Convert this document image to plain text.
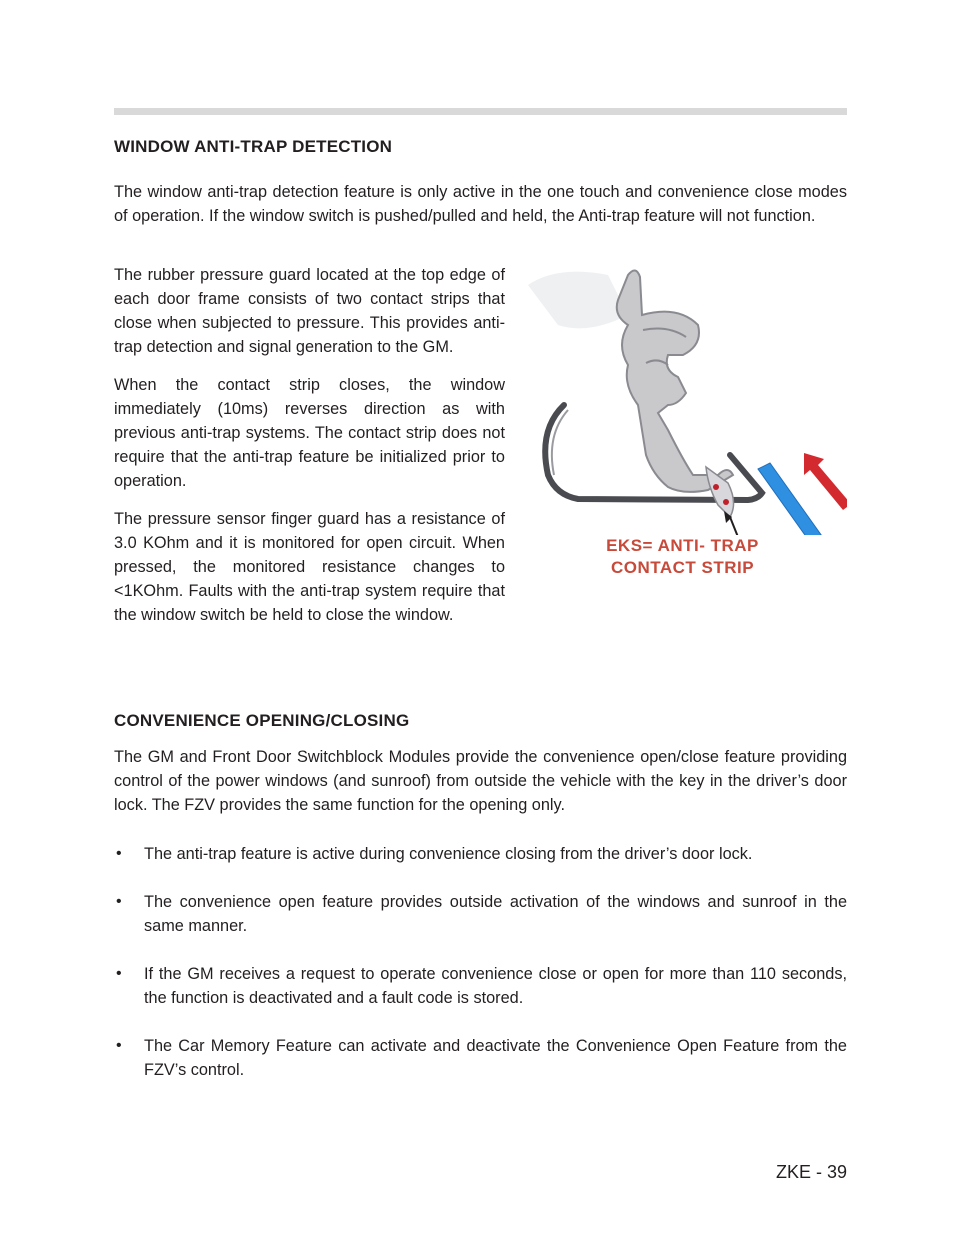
WINDOW ANTI-TRAP DETECTION

The window anti-trap detection feature is only active in the one touch and convenience close modes of operation. If the window switch is pushed/pulled and held, the Anti-trap feature will not function.

The rubber pressure guard located at the top edge of each door frame consists of two contact strips that close when subjected to pressure. This provides anti-trap detection and signal generation to the GM.

When the contact strip closes, the window immediately (10ms) reverses direction as with previous anti-trap systems. The contact strip does not require that the anti-trap feature be initialized prior to operation.

The pressure sensor finger guard has a resistance of 3.0 KOhm and it is monitored for open circuit. When pressed, the monitored resistance changes to <1KOhm. Faults with the anti-trap system require that the window switch be held to close the window.

EKS= ANTI- TRAP
CONTACT STRIP
CONVENIENCE OPENING/CLOSING

The GM and Front Door Switchblock Modules provide the convenience open/close feature providing control of the power windows (and sunroof) from outside the vehicle with the key in the driver’s door lock. The FZV provides the same function for the opening only.

• The anti-trap feature is active during convenience closing from the driver’s door lock.
• The convenience open feature provides outside activation of the windows and sunroof in the same manner.
• If the GM receives a request to operate convenience close or open for more than 110 seconds, the function is deactivated and a fault code is stored.
• The Car Memory Feature can activate and deactivate the Convenience Open Feature from the FZV’s control.
ZKE - 39
